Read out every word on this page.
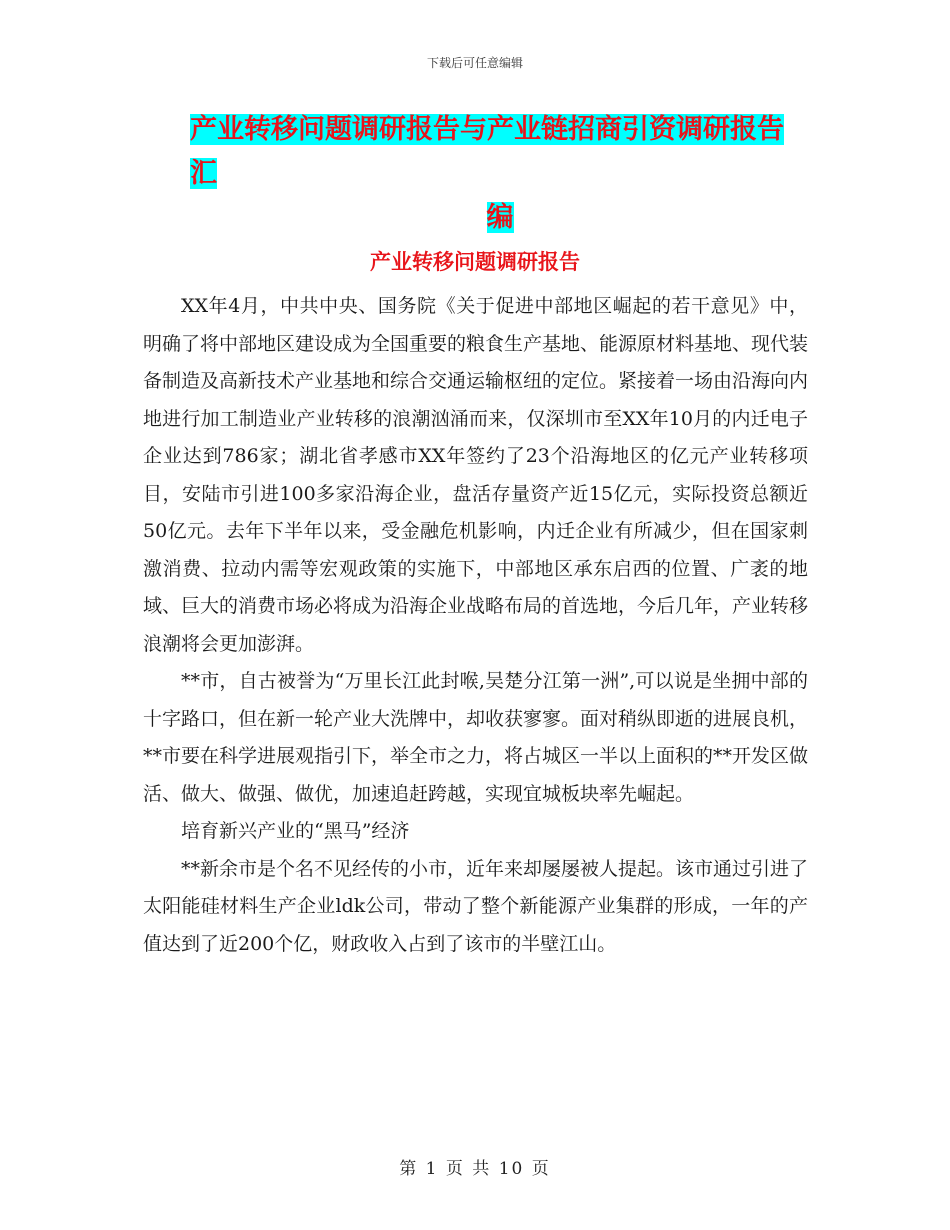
下载后可任意编辑
产业转移问题调研报告与产业链招商引资调研报告汇
编
产业转移问题调研报告

XX年4月，中共中央、国务院《关于促进中部地区崛起的若干意见》中，明确了将中部地区建设成为全国重要的粮食生产基地、能源原材料基地、现代装备制造及高新技术产业基地和综合交通运输枢纽的定位。紧接着一场由沿海向内地进行加工制造业产业转移的浪潮汹涌而来，仅深圳市至XX年10月的内迁电子企业达到786家；湖北省孝感市XX年签约了23个沿海地区的亿元产业转移项目，安陆市引进100多家沿海企业，盘活存量资产近15亿元，实际投资总额近50亿元。去年下半年以来，受金融危机影响，内迁企业有所减少，但在国家刺激消费、拉动内需等宏观政策的实施下，中部地区承东启西的位置、广袤的地域、巨大的消费市场必将成为沿海企业战略布局的首选地，今后几年，产业转移浪潮将会更加澎湃。

**市，自古被誉为“万里长江此封喉,吴楚分江第一洲”,可以说是坐拥中部的十字路口，但在新一轮产业大洗牌中，却收获寥寥。面对稍纵即逝的进展良机，**市要在科学进展观指引下，举全市之力，将占城区一半以上面积的**开发区做活、做大、做强、做优，加速追赶跨越，实现宜城板块率先崛起。

培育新兴产业的“黑马”经济

**新余市是个名不见经传的小市，近年来却屡屡被人提起。该市通过引进了太阳能硅材料生产企业ldk公司，带动了整个新能源产业集群的形成，一年的产值达到了近200个亿，财政收入占到了该市的半壁江山。

第 1 页 共 10 页
